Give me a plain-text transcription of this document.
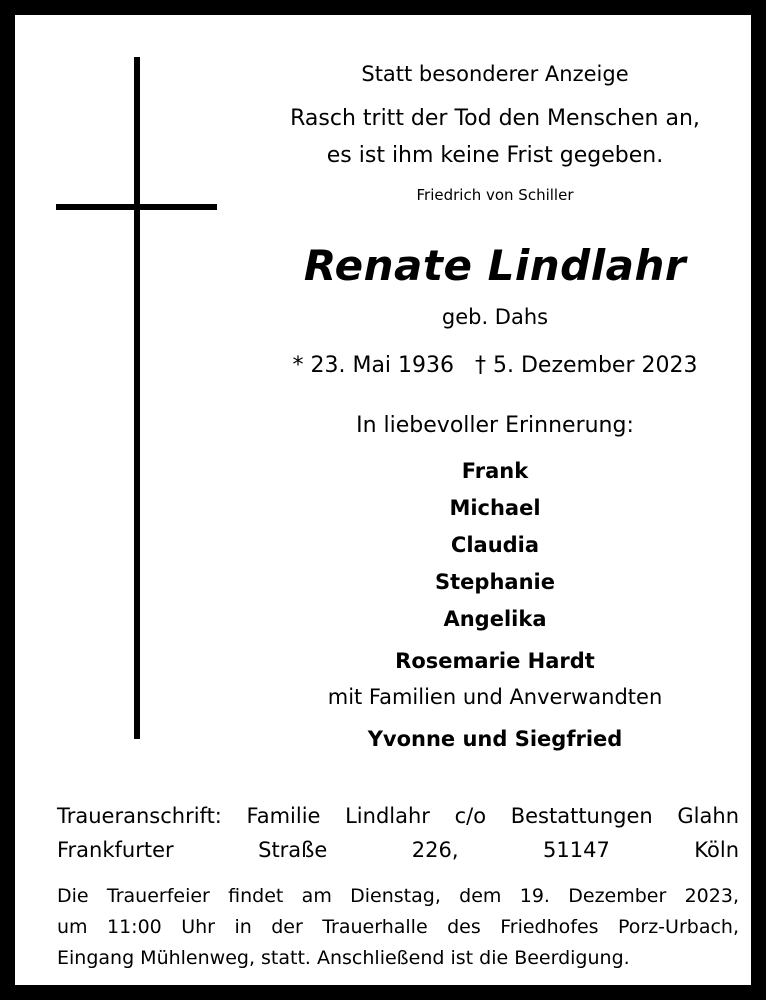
Statt besonderer Anzeige
Rasch tritt der Tod den Menschen an,
es ist ihm keine Frist gegeben.
Friedrich von Schiller
Renate Lindlahr
geb. Dahs
* 23. Mai 1936   † 5. Dezember 2023
In liebevoller Erinnerung:
Frank
Michael
Claudia
Stephanie
Angelika
Rosemarie Hardt
mit Familien und Anverwandten
Yvonne und Siegfried
Traueranschrift: Familie Lindlahr c/o Bestattungen Glahn
Frankfurter Straße 226, 51147 Köln
Die Trauerfeier findet am Dienstag, dem 19. Dezember 2023,
um 11:00 Uhr in der Trauerhalle des Friedhofes Porz-Urbach,
Eingang Mühlenweg, statt. Anschließend ist die Beerdigung.
